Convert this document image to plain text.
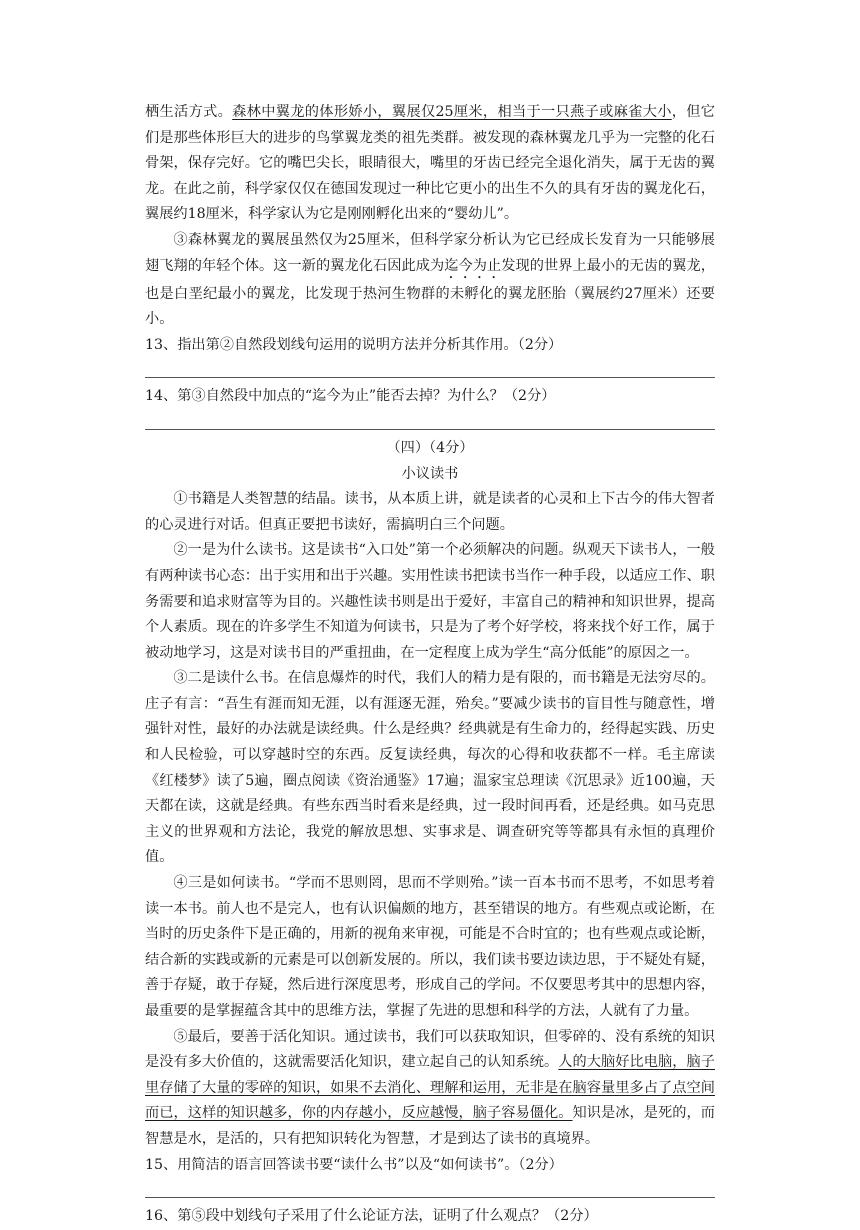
栖生活方式。森林中翼龙的体形娇小，翼展仅25厘米，相当于一只燕子或麻雀大小，但它们是那些体形巨大的进步的鸟掌翼龙类的祖先类群。被发现的森林翼龙几乎为一完整的化石骨架，保存完好。它的嘴巴尖长，眼睛很大，嘴里的牙齿已经完全退化消失，属于无齿的翼龙。在此之前，科学家仅仅在德国发现过一种比它更小的出生不久的具有牙齿的翼龙化石，翼展约18厘米，科学家认为它是刚刚孵化出来的“婴幼儿”。

③森林翼龙的翼展虽然仅为25厘米，但科学家分析认为它已经成长发育为一只能够展翅飞翔的年轻个体。这一新的翼龙化石因此成为迄今为止发现的世界上最小的无齿的翼龙，也是白垩纪最小的翼龙，比发现于热河生物群的未孵化的翼龙胚胎（翼展约27厘米）还要小。

13、指出第②自然段划线句运用的说明方法并分析其作用。（2分）

14、第③自然段中加点的“迄今为止”能否去掉？为什么？（2分）

（四）（4分）

小议读书

①书籍是人类智慧的结晶。读书，从本质上讲，就是读者的心灵和上下古今的伟大智者的心灵进行对话。但真正要把书读好，需搞明白三个问题。

②一是为什么读书。这是读书“入口处”第一个必须解决的问题。纵观天下读书人，一般有两种读书心态：出于实用和出于兴趣。实用性读书把读书当作一种手段，以适应工作、职务需要和追求财富等为目的。兴趣性读书则是出于爱好，丰富自己的精神和知识世界，提高个人素质。现在的许多学生不知道为何读书，只是为了考个好学校，将来找个好工作，属于被动地学习，这是对读书目的严重扭曲，在一定程度上成为学生“高分低能”的原因之一。

③二是读什么书。在信息爆炸的时代，我们人的精力是有限的，而书籍是无法穷尽的。庄子有言：“吾生有涯而知无涯，以有涯逐无涯，殆矣。”要减少读书的盲目性与随意性，增强针对性，最好的办法就是读经典。什么是经典？经典就是有生命力的，经得起实践、历史和人民检验，可以穿越时空的东西。反复读经典，每次的心得和收获都不一样。毛主席读《红楼梦》读了5遍，圈点阅读《资治通鉴》17遍；温家宝总理读《沉思录》近100遍，天天都在读，这就是经典。有些东西当时看来是经典，过一段时间再看，还是经典。如马克思主义的世界观和方法论，我党的解放思想、实事求是、调查研究等等都具有永恒的真理价值。

④三是如何读书。“学而不思则罔，思而不学则殆。”读一百本书而不思考，不如思考着读一本书。前人也不是完人，也有认识偏颇的地方，甚至错误的地方。有些观点或论断，在当时的历史条件下是正确的，用新的视角来审视，可能是不合时宜的；也有些观点或论断，结合新的实践或新的元素是可以创新发展的。所以，我们读书要边读边思，于不疑处有疑，善于存疑，敢于存疑，然后进行深度思考，形成自己的学问。不仅要思考其中的思想内容，最重要的是掌握蕴含其中的思维方法，掌握了先进的思想和科学的方法，人就有了力量。

⑤最后，要善于活化知识。通过读书，我们可以获取知识，但零碎的、没有系统的知识是没有多大价值的，这就需要活化知识，建立起自己的认知系统。人的大脑好比电脑，脑子里存储了大量的零碎的知识，如果不去消化、理解和运用，无非是在脑容量里多占了点空间而已，这样的知识越多，你的内存越小，反应越慢，脑子容易僵化。知识是冰，是死的，而智慧是水，是活的，只有把知识转化为智慧，才是到达了读书的真境界。

15、用简洁的语言回答读书要“读什么书”以及“如何读书”。（2分）

16、第⑤段中划线句子采用了什么论证方法，证明了什么观点？（2分）
